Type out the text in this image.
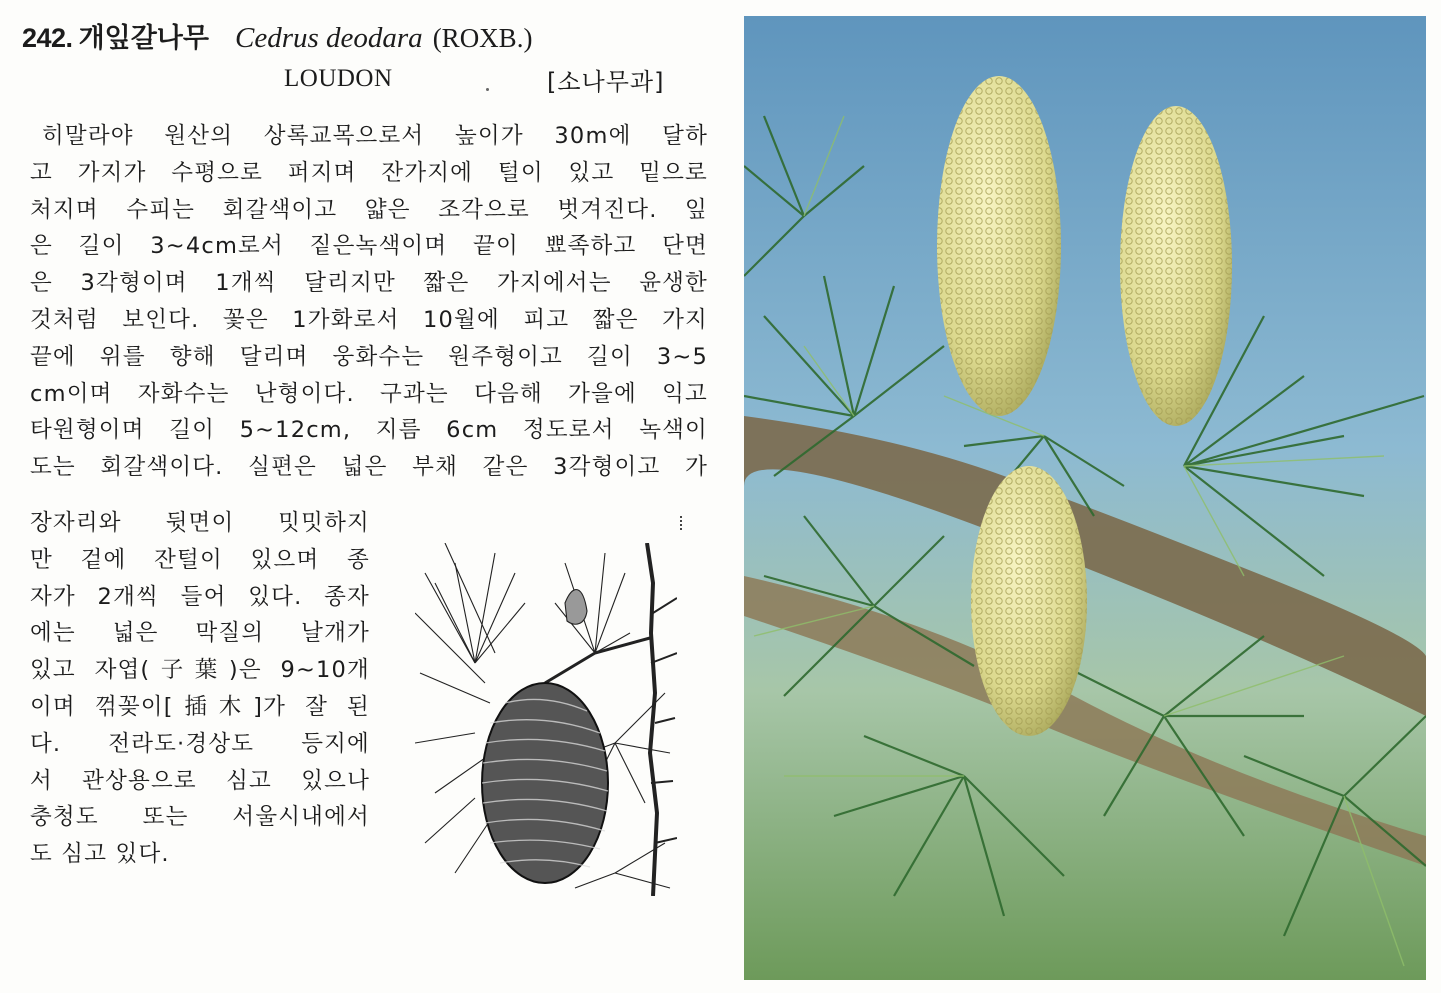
242. 개잎갈나무 Cedrus deodara (ROXB.)
LOUDON	[소나무과]
히말라야 원산의 상록교목으로서 높이가 30m에 달하
고 가지가 수평으로 퍼지며 잔가지에 털이 있고 밑으로
처지며 수피는 회갈색이고 얇은 조각으로 벗겨진다. 잎
은 길이 3~4cm로서 짙은녹색이며 끝이 뾰족하고 단면
은 3각형이며 1개씩 달리지만 짧은 가지에서는 윤생한
것처럼 보인다. 꽃은 1가화로서 10월에 피고 짧은 가지
끝에 위를 향해 달리며 웅화수는 원주형이고 길이 3~5
cm이며 자화수는 난형이다. 구과는 다음해 가을에 익고
타원형이며 길이 5~12cm, 지름 6cm 정도로서 녹색이
도는 회갈색이다. 실편은 넓은 부채 같은 3각형이고 가
장자리와 뒷면이 밋밋하지
만 겉에 잔털이 있으며 종
자가 2개씩 들어 있다. 종자
에는 넓은 막질의 날개가
있고 자엽(子葉)은 9~10개
이며 꺾꽂이[插木]가 잘 된
다. 전라도·경상도 등지에
서 관상용으로 심고 있으나
충청도 또는 서울시내에서
도 심고 있다.
